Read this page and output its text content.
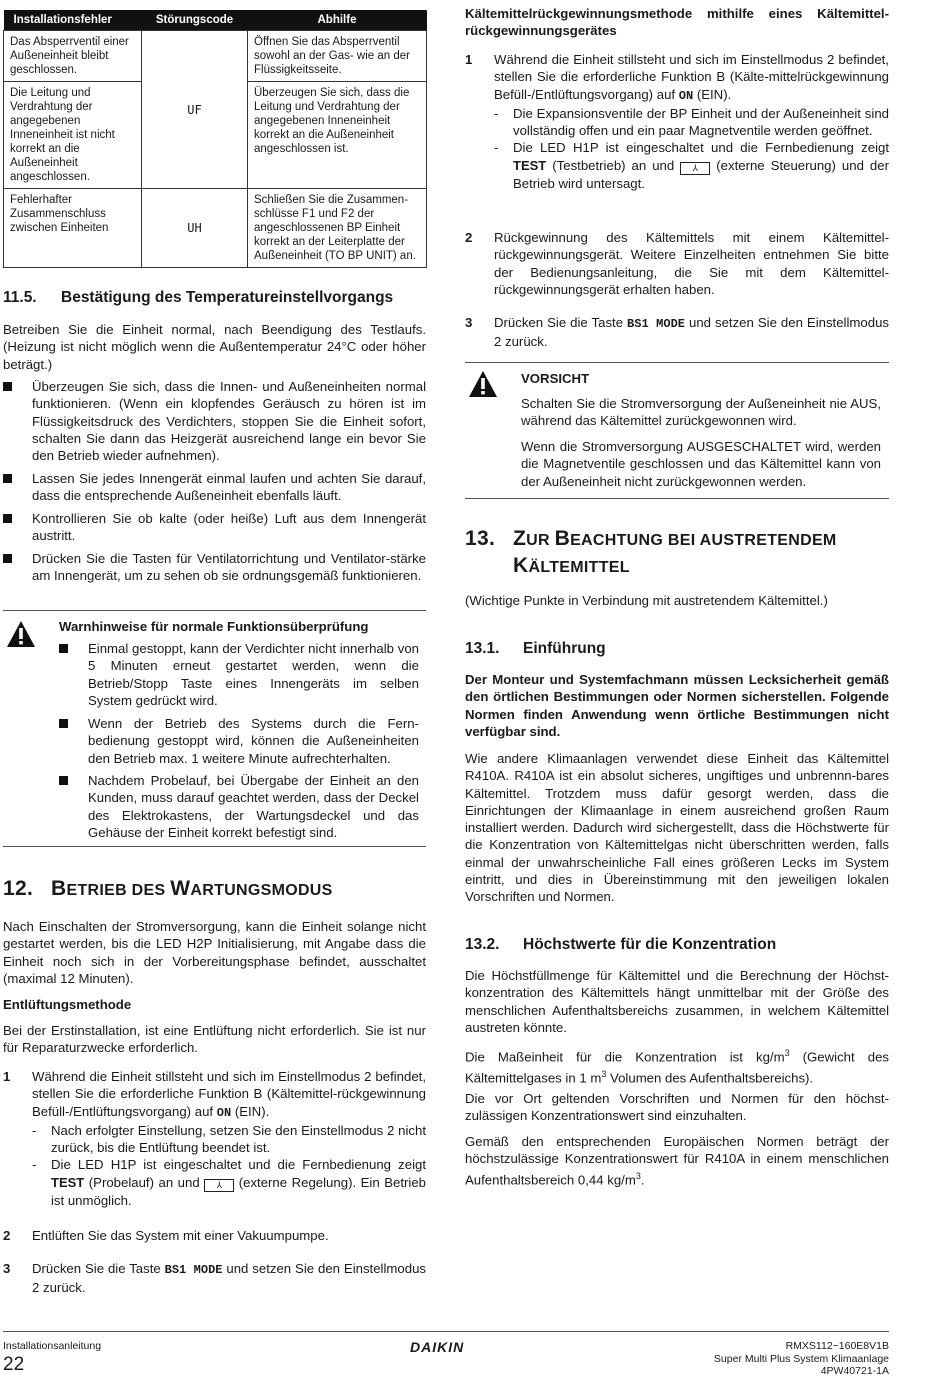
Installationsfehler	Störungscode	Abhilfe
Das Absperrventil einer Außeneinheit bleibt geschlossen.	UF	Öffnen Sie das Absperrventil sowohl an der Gas- wie an der Flüssigkeitsseite.
Die Leitung und Verdrahtung der angegebenen Inneneinheit ist nicht korrekt an die Außeneinheit angeschlossen.		Überzeugen Sie sich, dass die Leitung und Verdrahtung der angegebenen Inneneinheit korrekt an die Außeneinheit angeschlossen ist.
Fehlerhafter Zusammenschluss zwischen Einheiten	UH	Schließen Sie die Zusammen-schlüsse F1 und F2 der angeschlossenen BP Einheit korrekt an der Leiterplatte der Außeneinheit (TO BP UNIT) an.
11.5. Bestätigung des Temperatureinstellvorgangs

Betreiben Sie die Einheit normal, nach Beendigung des Testlaufs. (Heizung ist nicht möglich wenn die Außentemperatur 24°C oder höher beträgt.)

Überzeugen Sie sich, dass die Innen- und Außeneinheiten normal funktionieren. (Wenn ein klopfendes Geräusch zu hören ist im Flüssigkeitsdruck des Verdichters, stoppen Sie die Einheit sofort, schalten Sie dann das Heizgerät ausreichend lange ein bevor Sie den Betrieb wieder aufnehmen).

Lassen Sie jedes Innengerät einmal laufen und achten Sie darauf, dass die entsprechende Außeneinheit ebenfalls läuft.

Kontrollieren Sie ob kalte (oder heiße) Luft aus dem Innengerät austritt.

Drücken Sie die Tasten für Ventilatorrichtung und Ventilator-stärke am Innengerät, um zu sehen ob sie ordnungsgemäß funktionieren.

Warnhinweise für normale Funktionsüberprüfung

Einmal gestoppt, kann der Verdichter nicht innerhalb von 5 Minuten erneut gestartet werden, wenn die Betrieb/Stopp Taste eines Innengeräts im selben System gedrückt wird.

Wenn der Betrieb des Systems durch die Fern-bedienung gestoppt wird, können die Außeneinheiten den Betrieb max. 1 weitere Minute aufrechterhalten.

Nachdem Probelauf, bei Übergabe der Einheit an den Kunden, muss darauf geachtet werden, dass der Deckel des Elektrokastens, der Wartungsdeckel und das Gehäuse der Einheit korrekt befestigt sind.

12. BETRIEB DES WARTUNGSMODUS

Nach Einschalten der Stromversorgung, kann die Einheit solange nicht gestartet werden, bis die LED H2P Initialisierung, mit Angabe dass die Einheit noch sich in der Vorbereitungsphase befindet, ausschaltet (maximal 12 Minuten).

Entlüftungsmethode

Bei der Erstinstallation, ist eine Entlüftung nicht erforderlich. Sie ist nur für Reparaturzwecke erforderlich.

1 Während die Einheit stillsteht und sich im Einstellmodus 2 befindet, stellen Sie die erforderliche Funktion B (Kältemittel-rückgewinnung Befüll-/Entlüftungsvorgang) auf ON (EIN).

- Nach erfolgter Einstellung, setzen Sie den Einstellmodus 2 nicht zurück, bis die Entlüftung beendet ist.

- Die LED H1P ist eingeschaltet und die Fernbedienung zeigt TEST (Probelauf) an und ⅄ (externe Regelung). Ein Betrieb ist unmöglich.

2 Entlüften Sie das System mit einer Vakuumpumpe.

3 Drücken Sie die Taste BS1 MODE und setzen Sie den Einstellmodus 2 zurück.

Kältemittelrückgewinnungsmethode mithilfe eines Kältemittel-rückgewinnungsgerätes

1 Während die Einheit stillsteht und sich im Einstellmodus 2 befindet, stellen Sie die erforderliche Funktion B (Kälte-mittelrückgewinnung Befüll-/Entlüftungsvorgang) auf ON (EIN).

- Die Expansionsventile der BP Einheit und der Außeneinheit sind vollständig offen und ein paar Magnetventile werden geöffnet.

- Die LED H1P ist eingeschaltet und die Fernbedienung zeigt TEST (Testbetrieb) an und ⅄ (externe Steuerung) und der Betrieb wird untersagt.

2 Rückgewinnung des Kältemittels mit einem Kältemittel-rückgewinnungsgerät. Weitere Einzelheiten entnehmen Sie bitte der Bedienungsanleitung, die Sie mit dem Kältemittel-rückgewinnungsgerät erhalten haben.

3 Drücken Sie die Taste BS1 MODE und setzen Sie den Einstellmodus 2 zurück.

VORSICHT

Schalten Sie die Stromversorgung der Außeneinheit nie AUS, während das Kältemittel zurückgewonnen wird.

Wenn die Stromversorgung AUSGESCHALTET wird, werden die Magnetventile geschlossen und das Kältemittel kann von der Außeneinheit nicht zurückgewonnen werden.

13. ZUR BEACHTUNG BEI AUSTRETENDEM
KÄLTEMITTEL

(Wichtige Punkte in Verbindung mit austretendem Kältemittel.)

13.1. Einführung

Der Monteur und Systemfachmann müssen Lecksicherheit gemäß den örtlichen Bestimmungen oder Normen sicherstellen. Folgende Normen finden Anwendung wenn örtliche Bestimmungen nicht verfügbar sind.

Wie andere Klimaanlagen verwendet diese Einheit das Kältemittel R410A. R410A ist ein absolut sicheres, ungiftiges und unbrennn-bares Kältemittel. Trotzdem muss dafür gesorgt werden, dass die Einrichtungen der Klimaanlage in einem ausreichend großen Raum installiert werden. Dadurch wird sichergestellt, dass die Höchstwerte für die Konzentration von Kältemittelgas nicht überschritten werden, falls einmal der unwahrscheinliche Fall eines größeren Lecks im System eintritt, und dies in Übereinstimmung mit den jeweiligen lokalen Vorschriften und Normen.

13.2. Höchstwerte für die Konzentration

Die Höchstfüllmenge für Kältemittel und die Berechnung der Höchst-konzentration des Kältemittels hängt unmittelbar mit der Größe des menschlichen Aufenthaltsbereichs zusammen, in welchem Kältemittel austreten könnte.

Die Maßeinheit für die Konzentration ist $kg/m^3$ (Gewicht des Kältemittelgases in 1 $m^3$ Volumen des Aufenthaltsbereichs).

Die vor Ort geltenden Vorschriften und Normen für den höchst-zulässigen Konzentrationswert sind einzuhalten.

Gemäß den entsprechenden Europäischen Normen beträgt der höchstzulässige Konzentrationswert für R410A in einem menschlichen Aufenthaltsbereich 0,44 $kg/m^3$.

Installationsanleitung
22
DAIKIN	RMXS112~160E8V1B
Super Multi Plus System Klimaanlage
4PW40721-1A
